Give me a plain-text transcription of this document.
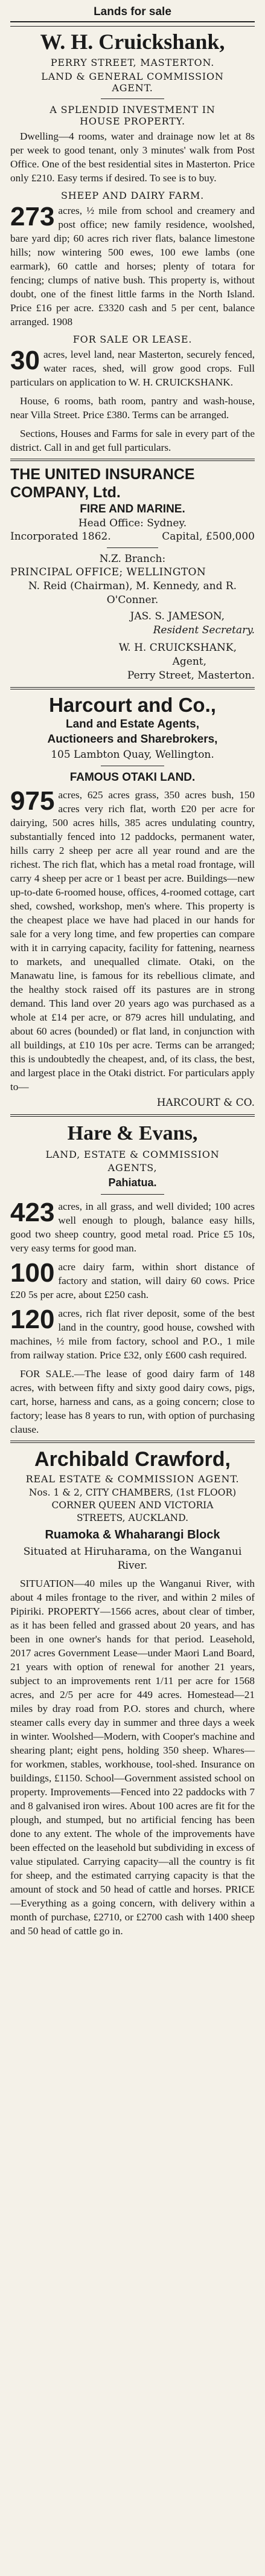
Lands for sale
W. H. Cruickshank,
PERRY STREET, MASTERTON.
LAND & GENERAL COMMISSION AGENT.
A SPLENDID INVESTMENT IN HOUSE PROPERTY.

Dwelling—4 rooms, water and drainage now let at 8s per week to good tenant, only 3 minutes' walk from Post Office. One of the best residential sites in Masterton. Price only £210. Easy terms if desired. To see is to buy.

SHEEP AND DAIRY FARM.
273 acres, ½ mile from school and creamery and post office; new family residence, woolshed, bare yard dip; 60 acres rich river flats, balance limestone hills; now wintering 500 ewes, 100 ewe lambs (one earmark), 60 cattle and horses; plenty of totara for fencing; clumps of native bush. This property is, without doubt, one of the finest little farms in the North Island. Price £16 per acre. £3320 cash and 5 per cent, balance arranged. 1908

FOR SALE OR LEASE.
30 acres, level land, near Masterton, securely fenced, water races, shed, will grow good crops. Full particulars on application to W. H. CRUICKSHANK.

House, 6 rooms, bath room, pantry and wash-house, near Villa Street. Price £380. Terms can be arranged.

Sections, Houses and Farms for sale in every part of the district. Call in and get full particulars.

THE UNITED INSURANCE COMPANY, Ltd.
FIRE AND MARINE.
Head Office: Sydney.
Incorporated 1862.	Capital, £500,000
N.Z. Branch:
PRINCIPAL OFFICE; WELLINGTON
N. Reid (Chairman), M. Kennedy, and R. O'Conner.
JAS. S. JAMESON,
Resident Secretary.
W. H. CRUICKSHANK,
Agent,
Perry Street, Masterton.
Harcourt and Co.,
Land and Estate Agents,
Auctioneers and Sharebrokers,
105 Lambton Quay, Wellington.
FAMOUS OTAKI LAND.
975 acres, 625 acres grass, 350 acres bush, 150 acres very rich flat, worth £20 per acre for dairying, 500 acres hills, 385 acres undulating country, substantially fenced into 12 paddocks, permanent water, hills carry 2 sheep per acre all year round and are the richest. The rich flat, which has a metal road frontage, will carry 4 sheep per acre or 1 beast per acre. Buildings—new up-to-date 6-roomed house, offices, 4-roomed cottage, cart shed, cowshed, workshop, men's where. This property is the cheapest place we have had placed in our hands for sale for a very long time, and few properties can compare with it in carrying capacity, facility for fattening, nearness to markets, and unequalled climate. Otaki, on the Manawatu line, is famous for its rebellious climate, and the healthy stock raised off its pastures are in strong demand. This land over 20 years ago was purchased as a whole at £14 per acre, or 879 acres hill undulating, and about 60 acres (bounded) or flat land, in conjunction with all buildings, at £10 10s per acre. Terms can be arranged; this is undoubtedly the cheapest, and, of its class, the best, and largest place in the Otaki district. For particulars apply to—

HARCOURT & CO.
Hare & Evans,
LAND, ESTATE & COMMISSION AGENTS,
Pahiatua.
423 acres, in all grass, and well divided; 100 acres well enough to plough, balance easy hills, good two sheep country, good metal road. Price £5 10s, very easy terms for good man.

100 acre dairy farm, within short distance of factory and station, will dairy 60 cows. Price £20 5s per acre, about £250 cash.

120 acres, rich flat river deposit, some of the best land in the country, good house, cowshed with machines, ½ mile from factory, school and P.O., 1 mile from railway station. Price £32, only £600 cash required.

FOR SALE.—The lease of good dairy farm of 148 acres, with between fifty and sixty good dairy cows, pigs, cart, horse, harness and cans, as a going concern; close to factory; lease has 8 years to run, with option of purchasing clause.

Archibald Crawford,
REAL ESTATE & COMMISSION AGENT.
Nos. 1 & 2, CITY CHAMBERS, (1st FLOOR)
CORNER QUEEN AND VICTORIA STREETS, AUCKLAND.
Ruamoka & Whaharangi Block
Situated at Hiruharama, on the Wanganui River.

SITUATION—40 miles up the Wanganui River, with about 4 miles frontage to the river, and within 2 miles of Pipiriki. PROPERTY—1566 acres, about clear of timber, as it has been felled and grassed about 20 years, and has been in one owner's hands for that period. Leasehold, 2017 acres Government Lease—under Maori Land Board, 21 years with option of renewal for another 21 years, subject to an improvements rent 1/11 per acre for 1568 acres, and 2/5 per acre for 449 acres. Homestead—21 miles by dray road from P.O. stores and church, where steamer calls every day in summer and three days a week in winter. Woolshed—Modern, with Cooper's machine and shearing plant; eight pens, holding 350 sheep. Whares—for workmen, stables, workhouse, tool-shed. Insurance on buildings, £1150. School—Government assisted school on property. Improvements—Fenced into 22 paddocks with 7 and 8 galvanised iron wires. About 100 acres are fit for the plough, and stumped, but no artificial fencing has been done to any extent. The whole of the improvements have been effected on the leasehold but subdividing in excess of value stipulated. Carrying capacity—all the country is fit for sheep, and the estimated carrying capacity is that the amount of stock and 50 head of cattle and horses. PRICE—Everything as a going concern, with delivery within a month of purchase, £2710, or £2700 cash with 1400 sheep and 50 head of cattle go in.
